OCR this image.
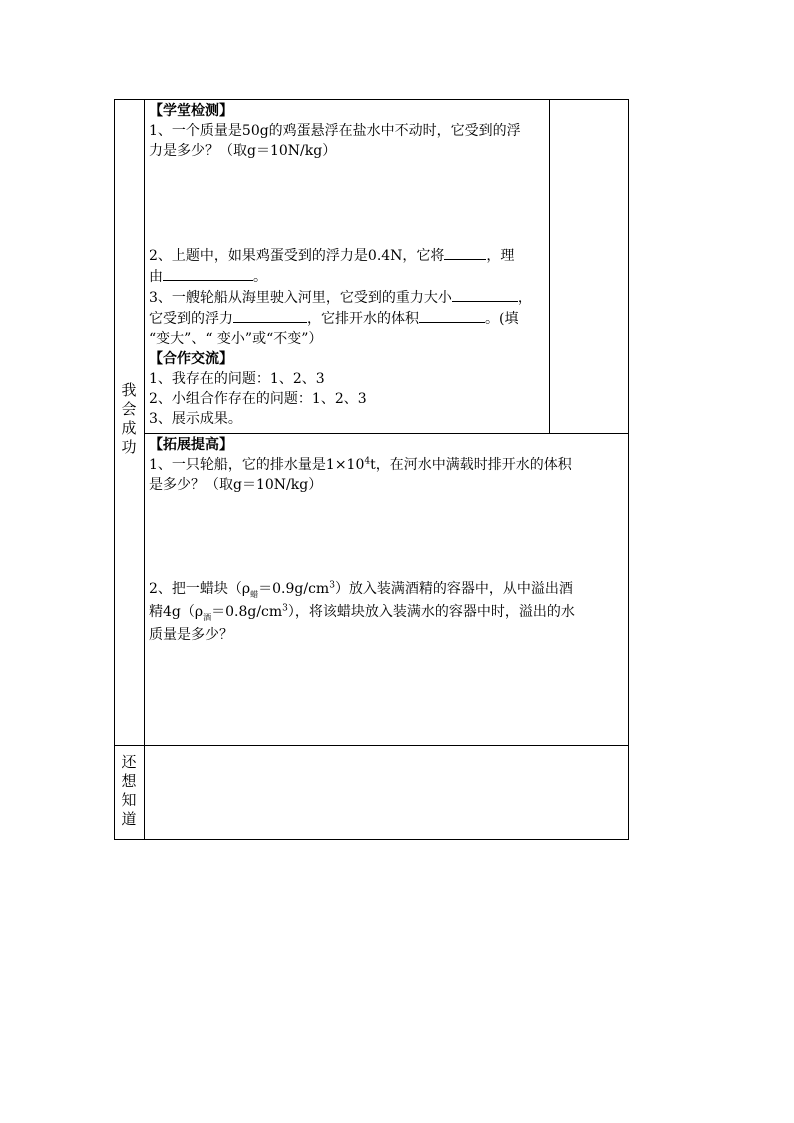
我
会
成
功
还
想
知
道
【学堂检测】
1、一个质量是50g的鸡蛋悬浮在盐水中不动时，它受到的浮
力是多少？（取g＝10N/kg）
2、上题中，如果鸡蛋受到的浮力是0.4N，它将	，理
由	。
3、一艘轮船从海里驶入河里，它受到的重力大小	，
它受到的浮力	，它排开水的体积	。(填
“变大”、“ 变小”或“不变”）
【合作交流】
1、我存在的问题：1、2、3
2、小组合作存在的问题：1、2、3
3、展示成果。
【拓展提高】
1、一只轮船，它的排水量是$1\times 10^4t$，在河水中满载时排开水的体积
是多少？（取g＝10N/kg）
2、把一蜡块$(\rho_蜡=0.9g/cm^3)$放入装满酒精的容器中，从中溢出酒
精$4g(\rho_酒=0.8g/cm^3)$，将该蜡块放入装满水的容器中时，溢出的水
质量是多少？
